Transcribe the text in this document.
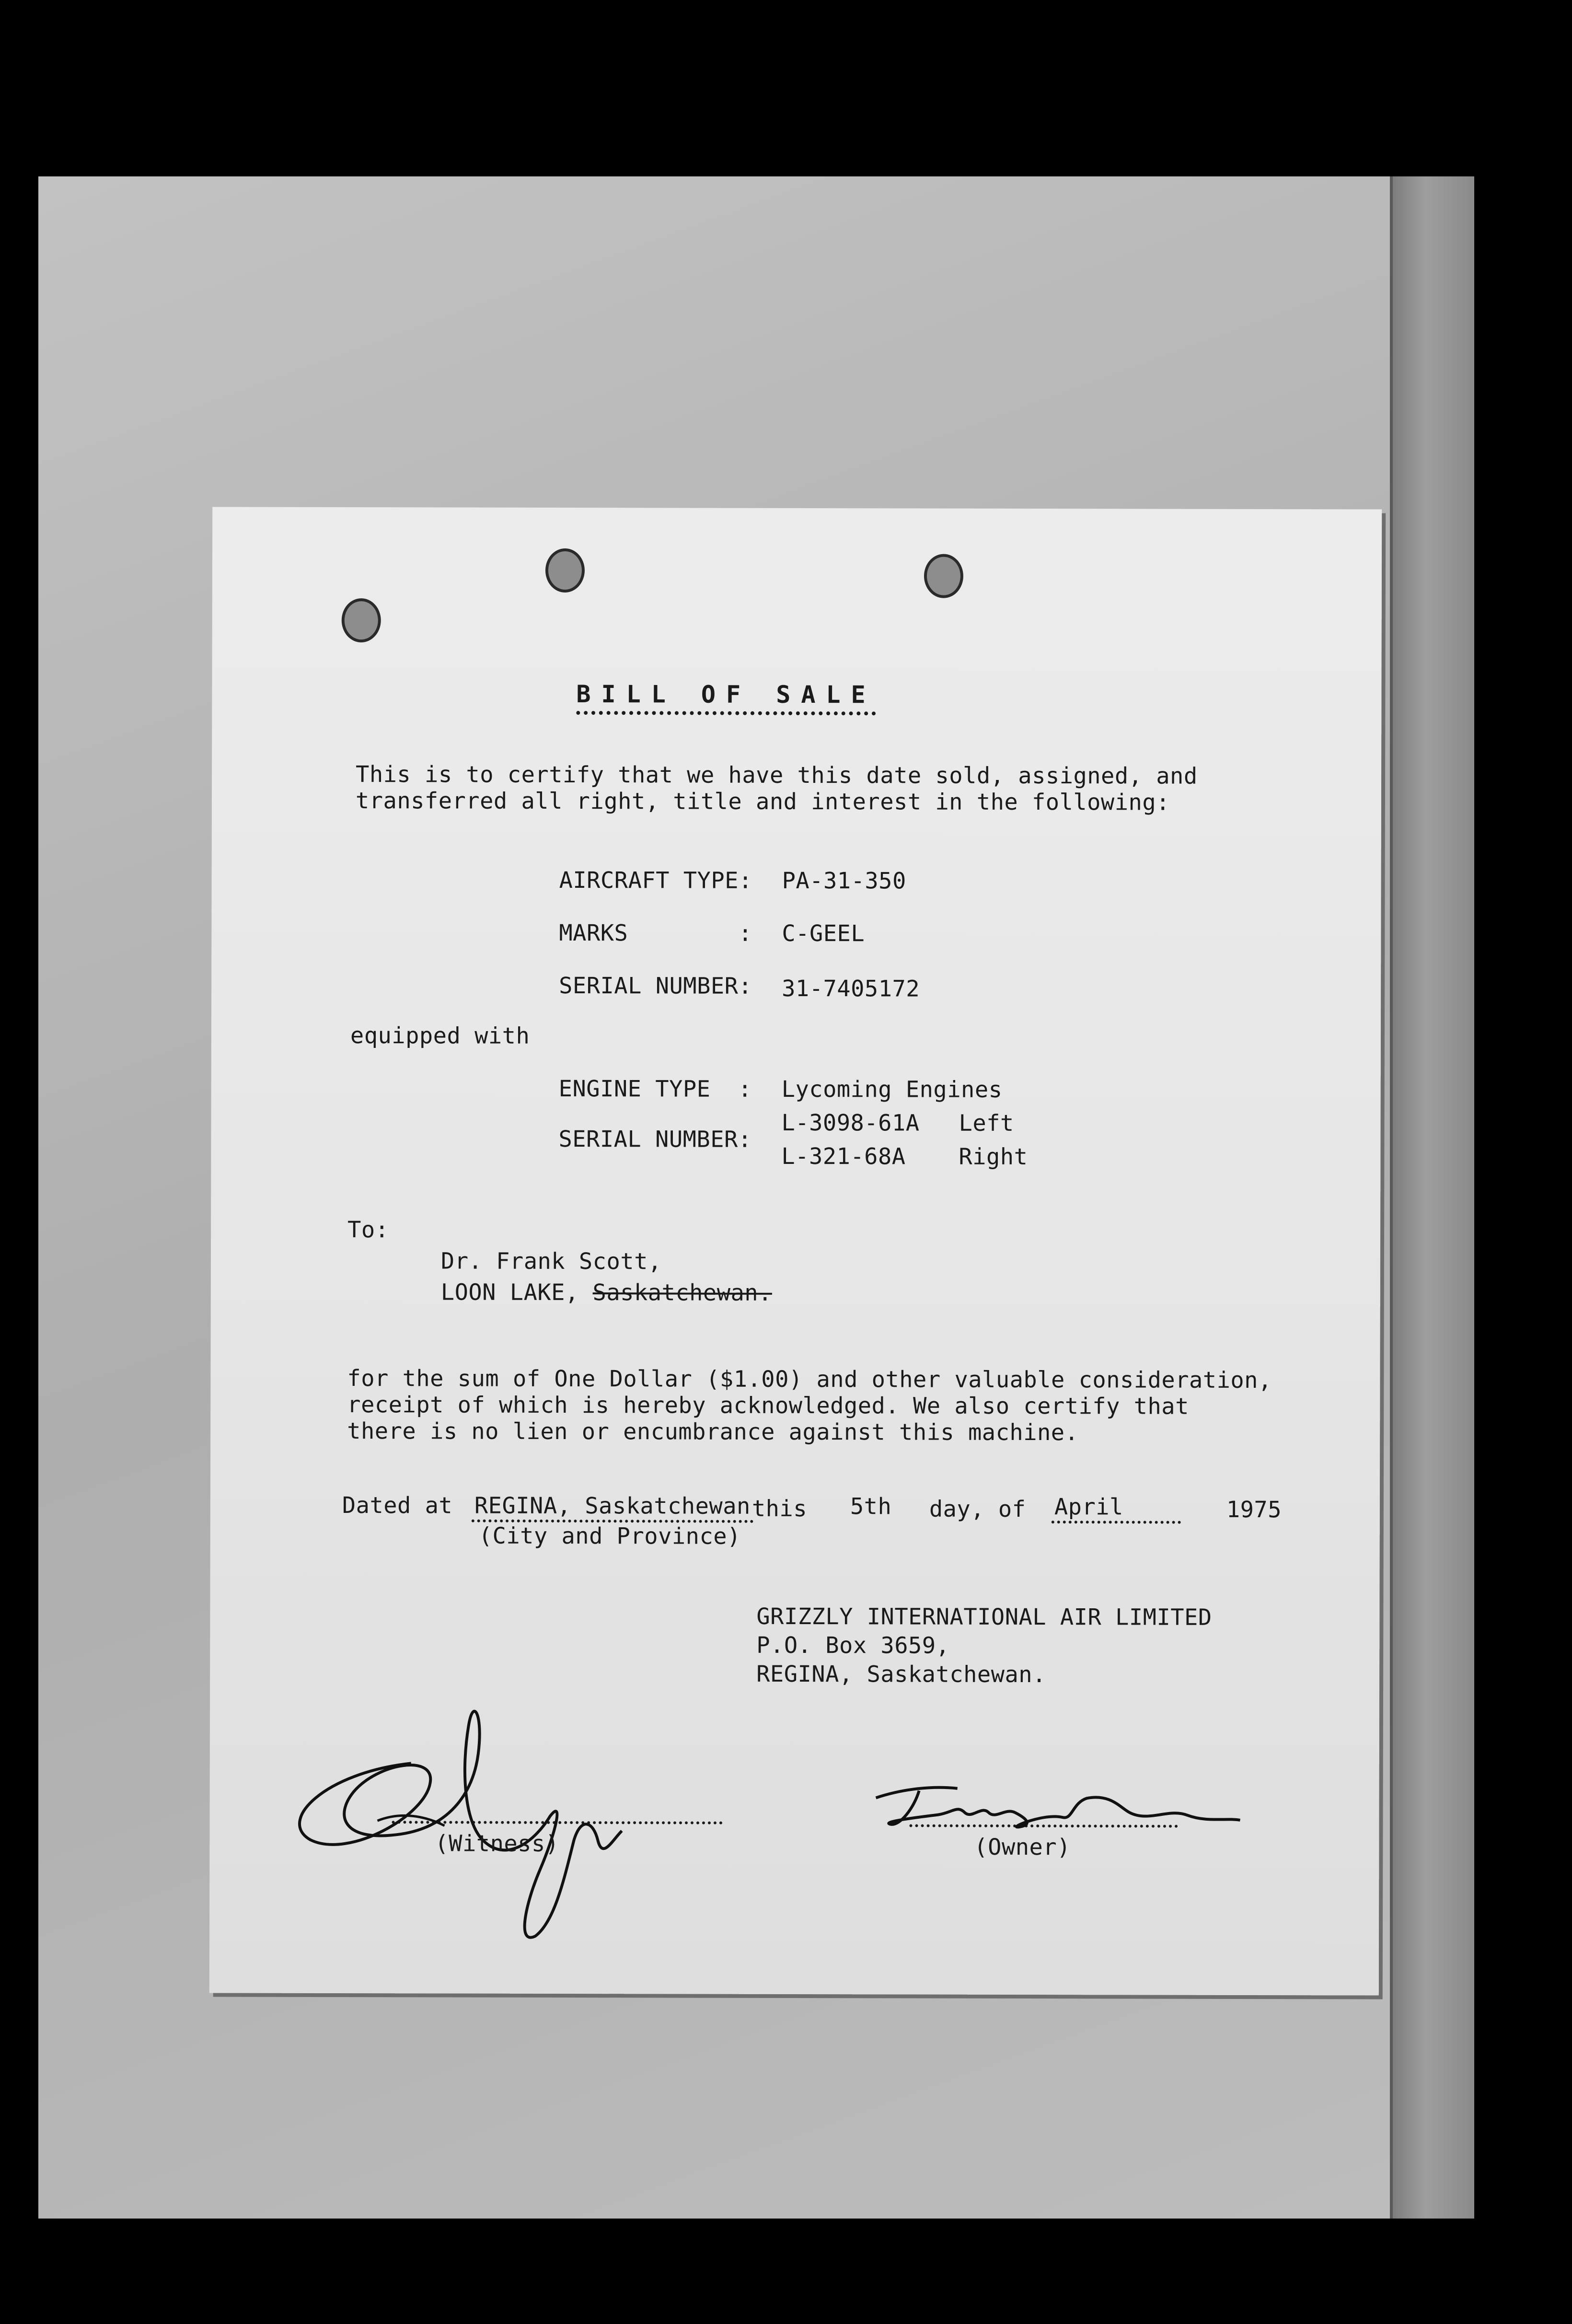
BILL OF SALE
This is to certify that we have this date sold, assigned, and
transferred all right, title and interest in the following:
AIRCRAFT TYPE: PA-31-350
MARKS        : C-GEEL
SERIAL NUMBER: 31-7405172
equipped with
ENGINE TYPE  : Lycoming Engines
L-3098-61A Left
SERIAL NUMBER:
L-321-68A Right
To:
Dr. Frank Scott,
LOON LAKE, Saskatchewan.
for the sum of One Dollar ($1.00) and other valuable consideration,
receipt of which is hereby acknowledged. We also certify that
there is no lien or encumbrance against this machine.
Dated at REGINA, Saskatchewan this 5th day, of April	1975
(City and Province)
GRIZZLY INTERNATIONAL AIR LIMITED
P.O. Box 3659,
REGINA, Saskatchewan.
(Witness)	(Owner)
